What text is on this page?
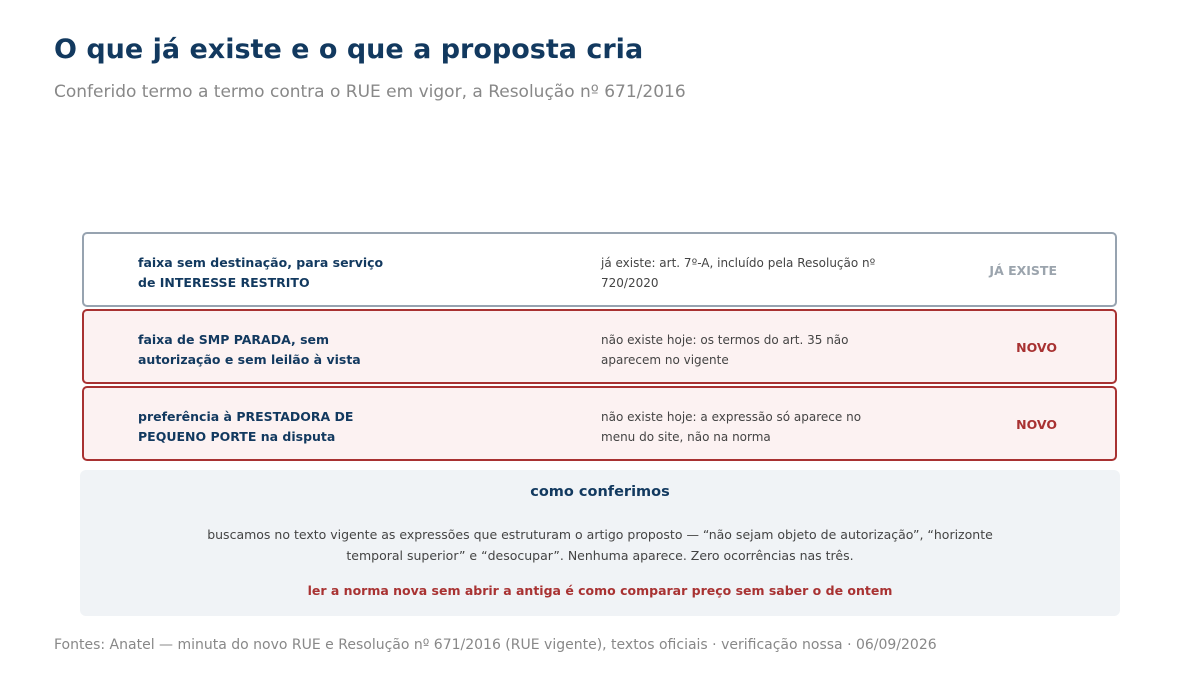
O que já existe e o que a proposta cria
Conferido termo a termo contra o RUE em vigor, a Resolução nº 671/2016
faixa sem destinação, para serviço de INTERESSE RESTRITO
já existe: art. 7º-A, incluído pela Resolução nº 720/2020
JÁ EXISTE
faixa de SMP PARADA, sem autorização e sem leilão à vista
não existe hoje: os termos do art. 35 não aparecem no vigente
NOVO
preferência à PRESTADORA DE PEQUENO PORTE na disputa
não existe hoje: a expressão só aparece no menu do site, não na norma
NOVO
como conferimos
buscamos no texto vigente as expressões que estruturam o artigo proposto — “não sejam objeto de autorização”, “horizonte temporal superior” e “desocupar”. Nenhuma aparece. Zero ocorrências nas três.
ler a norma nova sem abrir a antiga é como comparar preço sem saber o de ontem
Fontes: Anatel — minuta do novo RUE e Resolução nº 671/2016 (RUE vigente), textos oficiais · verificação nossa · 06/09/2026
